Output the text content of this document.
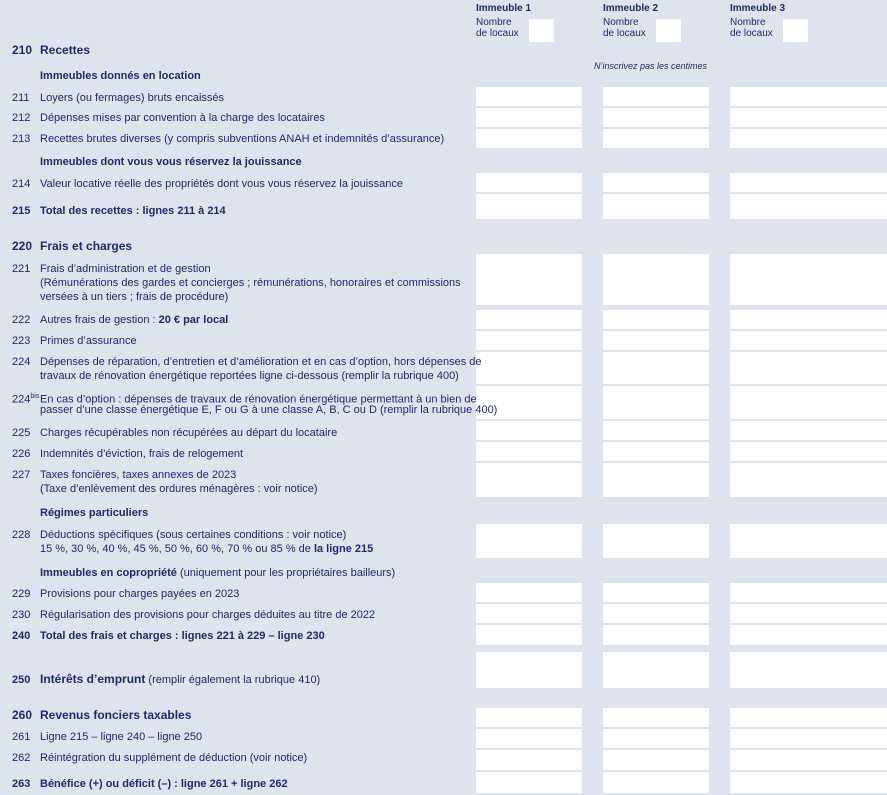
Immeuble 1
Nombre
de locaux
Immeuble 2
Nombre
de locaux
Immeuble 3
Nombre
de locaux
N’inscrivez pas les centimes
210 Recettes
Immeubles donnés en location
211 Loyers (ou fermages) bruts encaissés
212 Dépenses mises par convention à la charge des locataires
213 Recettes brutes diverses (y compris subventions ANAH et indemnités d’assurance)
Immeubles dont vous vous réservez la jouissance
214 Valeur locative réelle des propriétés dont vous vous réservez la jouissance
215 Total des recettes : lignes 211 à 214
220 Frais et charges
221 Frais d’administration et de gestion
(Rémunérations des gardes et concierges ; rémunérations, honoraires et commissions
versées à un tiers ; frais de procédure)
222 Autres frais de gestion : 20 € par local
223 Primes d’assurance
224 Dépenses de réparation, d’entretien et d’amélioration et en cas d’option, hors dépenses de
travaux de rénovation énergétique reportées ligne ci-dessous (remplir la rubrique 400)
$224^{bis}En$ cas d’option : dépenses de travaux de rénovation énergétique permettant à un bien de
passer d’une classe énergétique E, F ou G à une classe A, B, C ou D (remplir la rubrique 400)
225 Charges récupérables non récupérées au départ du locataire
226 Indemnités d’éviction, frais de relogement
227 Taxes foncières, taxes annexes de 2023
(Taxe d’enlèvement des ordures ménagères : voir notice)
Régimes particuliers
228 Déductions spécifiques (sous certaines conditions : voir notice)
15 %, 30 %, 40 %, 45 %, 50 %, 60 %, 70 % ou 85 % de la ligne 215
Immeubles en copropriété (uniquement pour les propriétaires bailleurs)
229 Provisions pour charges payées en 2023
230 Régularisation des provisions pour charges déduites au titre de 2022
240 Total des frais et charges : lignes 221 à 229 – ligne 230
250 Intérêts d’emprunt (remplir également la rubrique 410)
260 Revenus fonciers taxables
261 Ligne 215 – ligne 240 – ligne 250
262 Réintégration du supplément de déduction (voir notice)
263 Bénéfice (+) ou déficit (–) : ligne 261 + ligne 262
